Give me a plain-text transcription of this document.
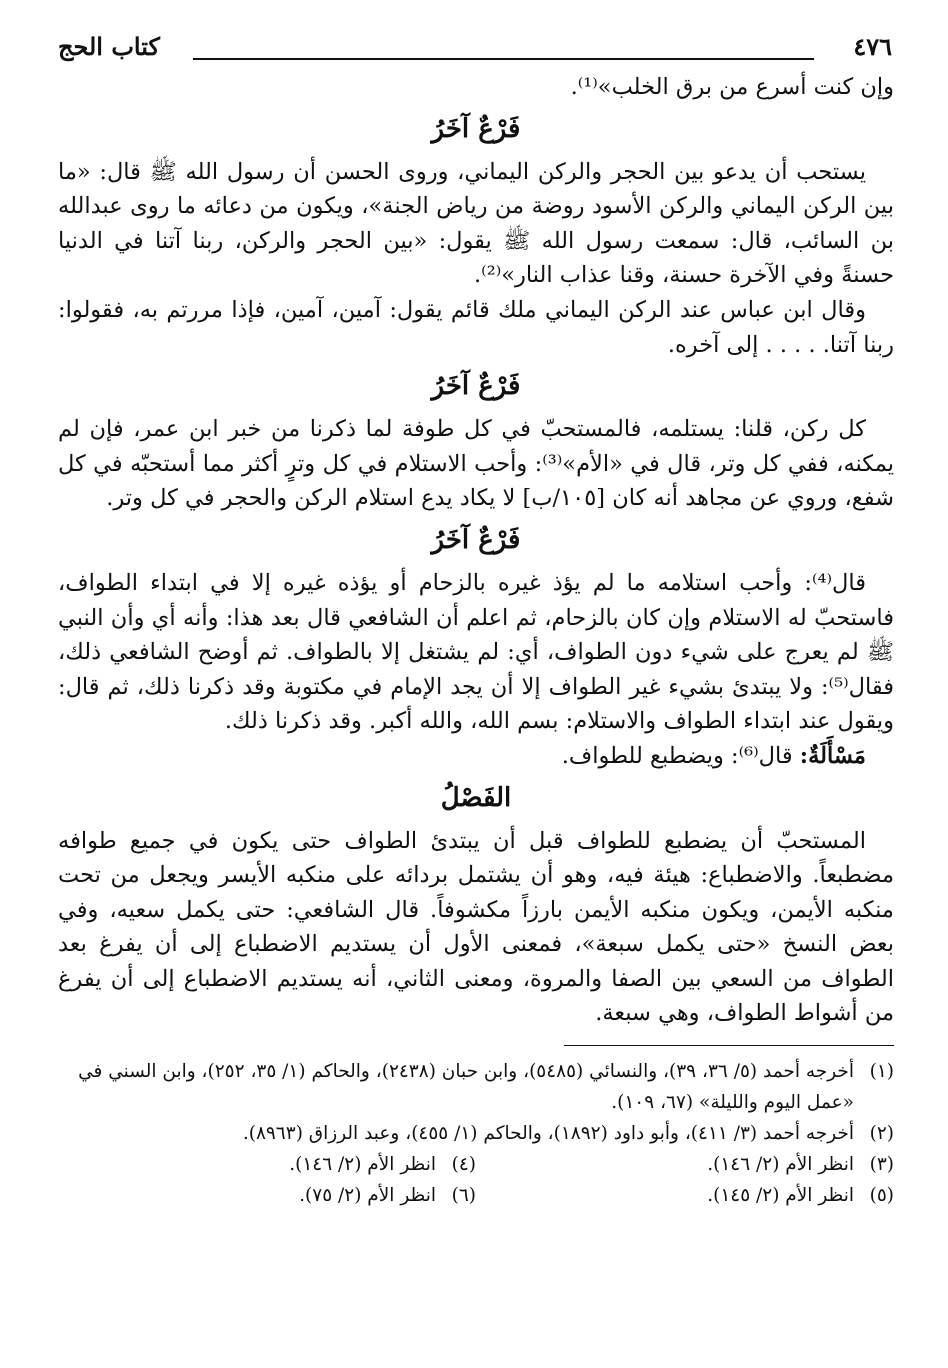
٤٧٦
كتاب الحج

وإن كنت أسرع من برق الخلب»⁽¹⁾.

فَرْعٌ آخَرُ

يستحب أن يدعو بين الحجر والركن اليماني، وروى الحسن أن رسول الله ﷺ قال: «ما بين الركن اليماني والركن الأسود روضة من رياض الجنة»، ويكون من دعائه ما روى عبدالله بن السائب، قال: سمعت رسول الله ﷺ يقول: «بين الحجر والركن، ربنا آتنا في الدنيا حسنةً وفي الآخرة حسنة، وقنا عذاب النار»⁽²⁾.

وقال ابن عباس عند الركن اليماني ملك قائم يقول: آمين، آمين، فإذا مررتم به، فقولوا: ربنا آتنا. . . . . إلى آخره.

فَرْعٌ آخَرُ

كل ركن، قلنا: يستلمه، فالمستحبّ في كل طوفة لما ذكرنا من خبر ابن عمر، فإن لم يمكنه، ففي كل وتر، قال في «الأم»⁽³⁾: وأحب الاستلام في كل وترٍ أكثر مما أستحبّه في كل شفع، وروي عن مجاهد أنه كان [١٠٥/ب] لا يكاد يدع استلام الركن والحجر في كل وتر.

فَرْعٌ آخَرُ

قال⁽⁴⁾: وأحب استلامه ما لم يؤذ غيره بالزحام أو يؤذه غيره إلا في ابتداء الطواف، فاستحبّ له الاستلام وإن كان بالزحام، ثم اعلم أن الشافعي قال بعد هذا: وأنه أي وأن النبي ﷺ لم يعرج على شيء دون الطواف، أي: لم يشتغل إلا بالطواف. ثم أوضح الشافعي ذلك، فقال⁽⁵⁾: ولا يبتدئ بشيء غير الطواف إلا أن يجد الإمام في مكتوبة وقد ذكرنا ذلك، ثم قال: ويقول عند ابتداء الطواف والاستلام: بسم الله، والله أكبر. وقد ذكرنا ذلك.

مَسْأَلَةٌ: قال⁽⁶⁾: ويضطبع للطواف.

الفَصْلُ

المستحبّ أن يضطبع للطواف قبل أن يبتدئ الطواف حتى يكون في جميع طوافه مضطبعاً. والاضطباع: هيئة فيه، وهو أن يشتمل بردائه على منكبه الأيسر ويجعل من تحت منكبه الأيمن، ويكون منكبه الأيمن بارزاً مكشوفاً. قال الشافعي: حتى يكمل سعيه، وفي بعض النسخ «حتى يكمل سبعة»، فمعنى الأول أن يستديم الاضطباع إلى أن يفرغ بعد الطواف من السعي بين الصفا والمروة، ومعنى الثاني، أنه يستديم الاضطباع إلى أن يفرغ من أشواط الطواف، وهي سبعة.

(١)
أخرجه أحمد (٥/ ٣٦، ٣٩)، والنسائي (٥٤٨٥)، وابن حبان (٢٤٣٨)، والحاكم (١/ ٣٥، ٢٥٢)، وابن السني في «عمل اليوم والليلة» (٦٧، ١٠٩).
(٢)
أخرجه أحمد (٣/ ٤١١)، وأبو داود (١٨٩٢)، والحاكم (١/ ٤٥٥)، وعبد الرزاق (٨٩٦٣).
(٣)
انظر الأم (٢/ ١٤٦).
(٤)
انظر الأم (٢/ ١٤٦).
(٥)
انظر الأم (٢/ ١٤٥).
(٦)
انظر الأم (٢/ ٧٥).
